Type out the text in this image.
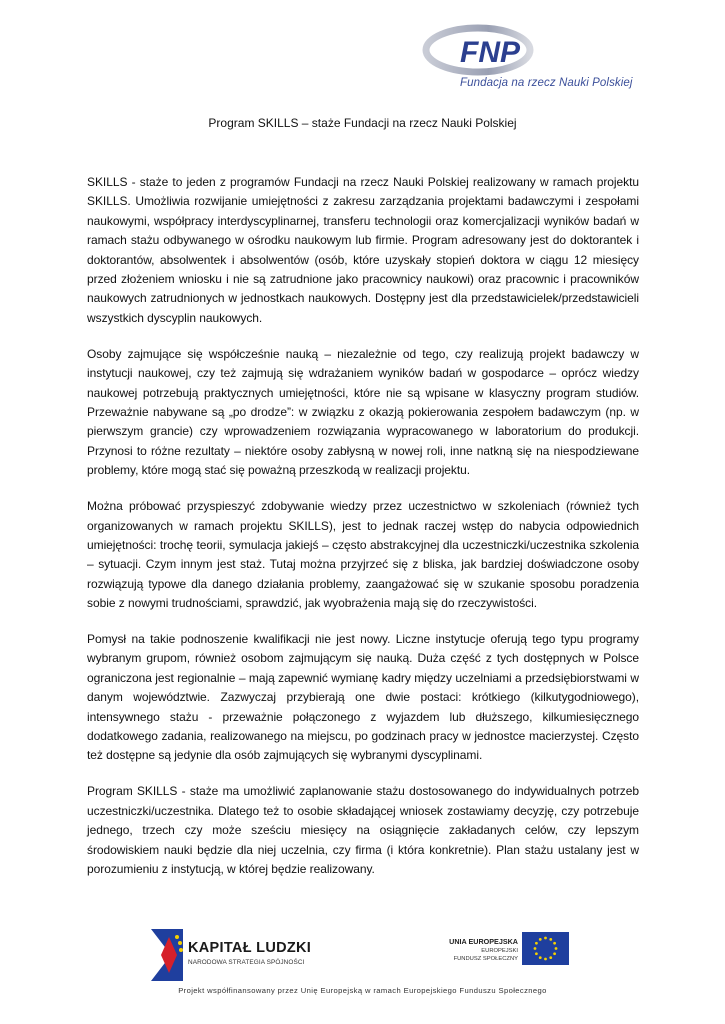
FNP
Fundacja na rzecz Nauki Polskiej
Program SKILLS – staże Fundacji na rzecz Nauki Polskiej

SKILLS - staże to jeden z programów Fundacji na rzecz Nauki Polskiej realizowany w ramach projektu SKILLS. Umożliwia rozwijanie umiejętności z zakresu zarządzania projektami badawczymi i zespołami naukowymi, współpracy interdyscyplinarnej, transferu technologii oraz komercjalizacji wyników badań w ramach stażu odbywanego w ośrodku naukowym lub firmie. Program adresowany jest do doktorantek i doktorantów, absolwentek i absolwentów (osób, które uzyskały stopień doktora w ciągu 12 miesięcy przed złożeniem wniosku i nie są zatrudnione jako pracownicy naukowi) oraz pracownic i pracowników naukowych zatrudnionych w jednostkach naukowych. Dostępny jest dla przedstawicielek/przedstawicieli wszystkich dyscyplin naukowych.

Osoby zajmujące się współcześnie nauką – niezależnie od tego, czy realizują projekt badawczy w instytucji naukowej, czy też zajmują się wdrażaniem wyników badań w gospodarce – oprócz wiedzy naukowej potrzebują praktycznych umiejętności, które nie są wpisane w klasyczny program studiów. Przeważnie nabywane są „po drodze”: w związku z okazją pokierowania zespołem badawczym (np. w pierwszym grancie) czy wprowadzeniem rozwiązania wypracowanego w laboratorium do produkcji. Przynosi to różne rezultaty – niektóre osoby zabłysną w nowej roli, inne natkną się na niespodziewane problemy, które mogą stać się poważną przeszkodą w realizacji projektu.

Można próbować przyspieszyć zdobywanie wiedzy przez uczestnictwo w szkoleniach (również tych organizowanych w ramach projektu SKILLS), jest to jednak raczej wstęp do nabycia odpowiednich umiejętności: trochę teorii, symulacja jakiejś – często abstrakcyjnej dla uczestniczki/uczestnika szkolenia – sytuacji. Czym innym jest staż. Tutaj można przyjrzeć się z bliska, jak bardziej doświadczone osoby rozwiązują typowe dla danego działania problemy, zaangażować się w szukanie sposobu poradzenia sobie z nowymi trudnościami, sprawdzić, jak wyobrażenia mają się do rzeczywistości.

Pomysł na takie podnoszenie kwalifikacji nie jest nowy. Liczne instytucje oferują tego typu programy wybranym grupom, również osobom zajmującym się nauką. Duża część z tych dostępnych w Polsce ograniczona jest regionalnie – mają zapewnić wymianę kadry między uczelniami a przedsiębiorstwami w danym województwie. Zazwyczaj przybierają one dwie postaci: krótkiego (kilkutygodniowego), intensywnego stażu - przeważnie połączonego z wyjazdem lub dłuższego, kilkumiesięcznego dodatkowego zadania, realizowanego na miejscu, po godzinach pracy w jednostce macierzystej. Często też dostępne są jedynie dla osób zajmujących się wybranymi dyscyplinami.

Program SKILLS - staże ma umożliwić zaplanowanie stażu dostosowanego do indywidualnych potrzeb uczestniczki/uczestnika. Dlatego też to osobie składającej wniosek zostawiamy decyzję, czy potrzebuje jednego, trzech czy może sześciu miesięcy na osiągnięcie zakładanych celów, czy lepszym środowiskiem nauki będzie dla niej uczelnia, czy firma (i która konkretnie). Plan stażu ustalany jest w porozumieniu z instytucją, w której będzie realizowany.

KAPITAŁ LUDZKI
NARODOWA STRATEGIA SPÓJNOŚCI
UNIA EUROPEJSKA
EUROPEJSKI
FUNDUSZ SPOŁECZNY
Projekt współfinansowany przez Unię Europejską w ramach Europejskiego Funduszu Społecznego
